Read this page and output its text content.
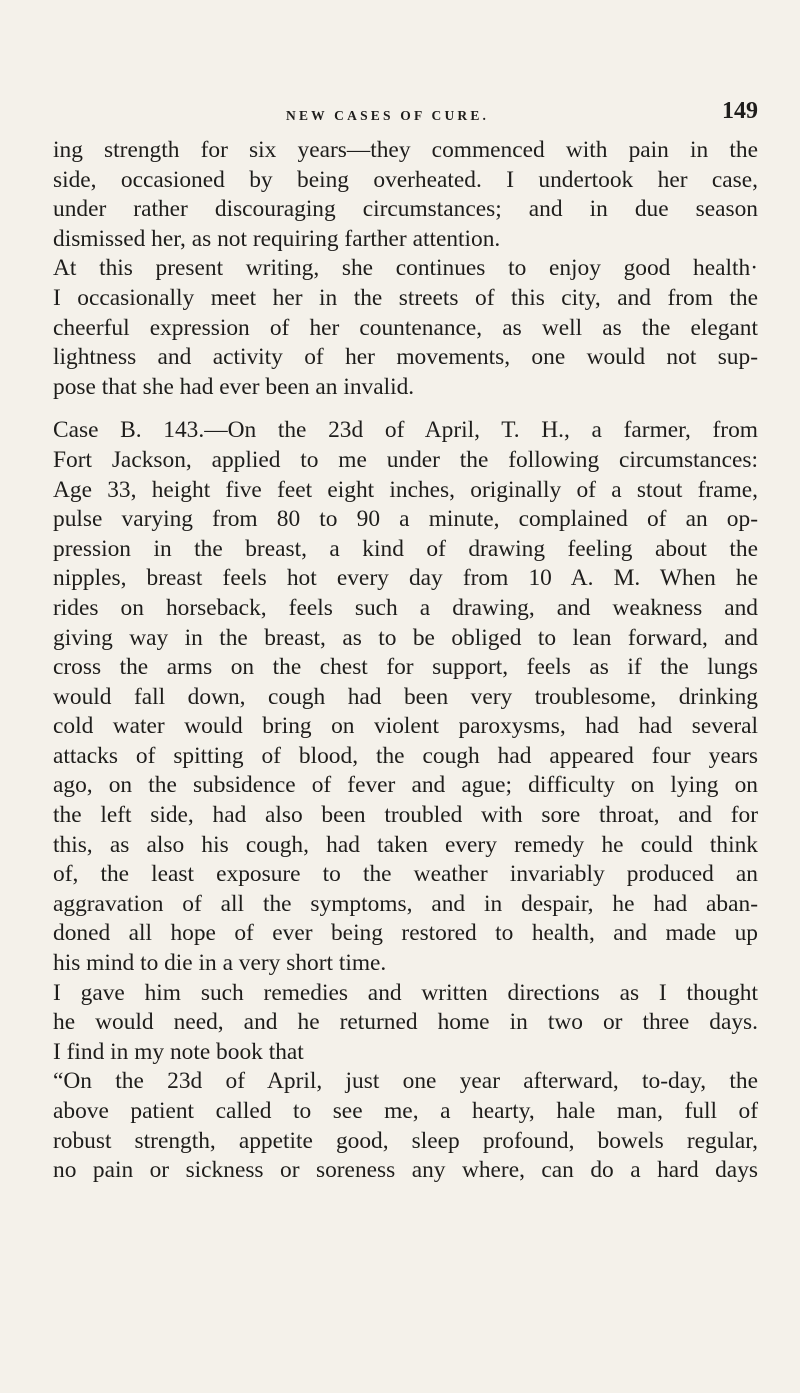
NEW CASES OF CURE.	149

ing strength for six years—they commenced with pain in the
side, occasioned by being overheated. I undertook her case,
under rather discouraging circumstances; and in due season
dismissed her, as not requiring farther attention.

At this present writing, she continues to enjoy good health·
I occasionally meet her in the streets of this city, and from the
cheerful expression of her countenance, as well as the elegant
lightness and activity of her movements, one would not sup-
pose that she had ever been an invalid.

Case B. 143.—On the 23d of April, T. H., a farmer, from
Fort Jackson, applied to me under the following circumstances:
Age 33, height five feet eight inches, originally of a stout frame,
pulse varying from 80 to 90 a minute, complained of an op-
pression in the breast, a kind of drawing feeling about the
nipples, breast feels hot every day from 10 A. M. When he
rides on horseback, feels such a drawing, and weakness and
giving way in the breast, as to be obliged to lean forward, and
cross the arms on the chest for support, feels as if the lungs
would fall down, cough had been very troublesome, drinking
cold water would bring on violent paroxysms, had had several
attacks of spitting of blood, the cough had appeared four years
ago, on the subsidence of fever and ague; difficulty on lying on
the left side, had also been troubled with sore throat, and for
this, as also his cough, had taken every remedy he could think
of, the least exposure to the weather invariably produced an
aggravation of all the symptoms, and in despair, he had aban-
doned all hope of ever being restored to health, and made up
his mind to die in a very short time.

I gave him such remedies and written directions as I thought
he would need, and he returned home in two or three days.
I find in my note book that

“On the 23d of April, just one year afterward, to-day, the
above patient called to see me, a hearty, hale man, full of
robust strength, appetite good, sleep profound, bowels regular,
no pain or sickness or soreness any where, can do a hard days
